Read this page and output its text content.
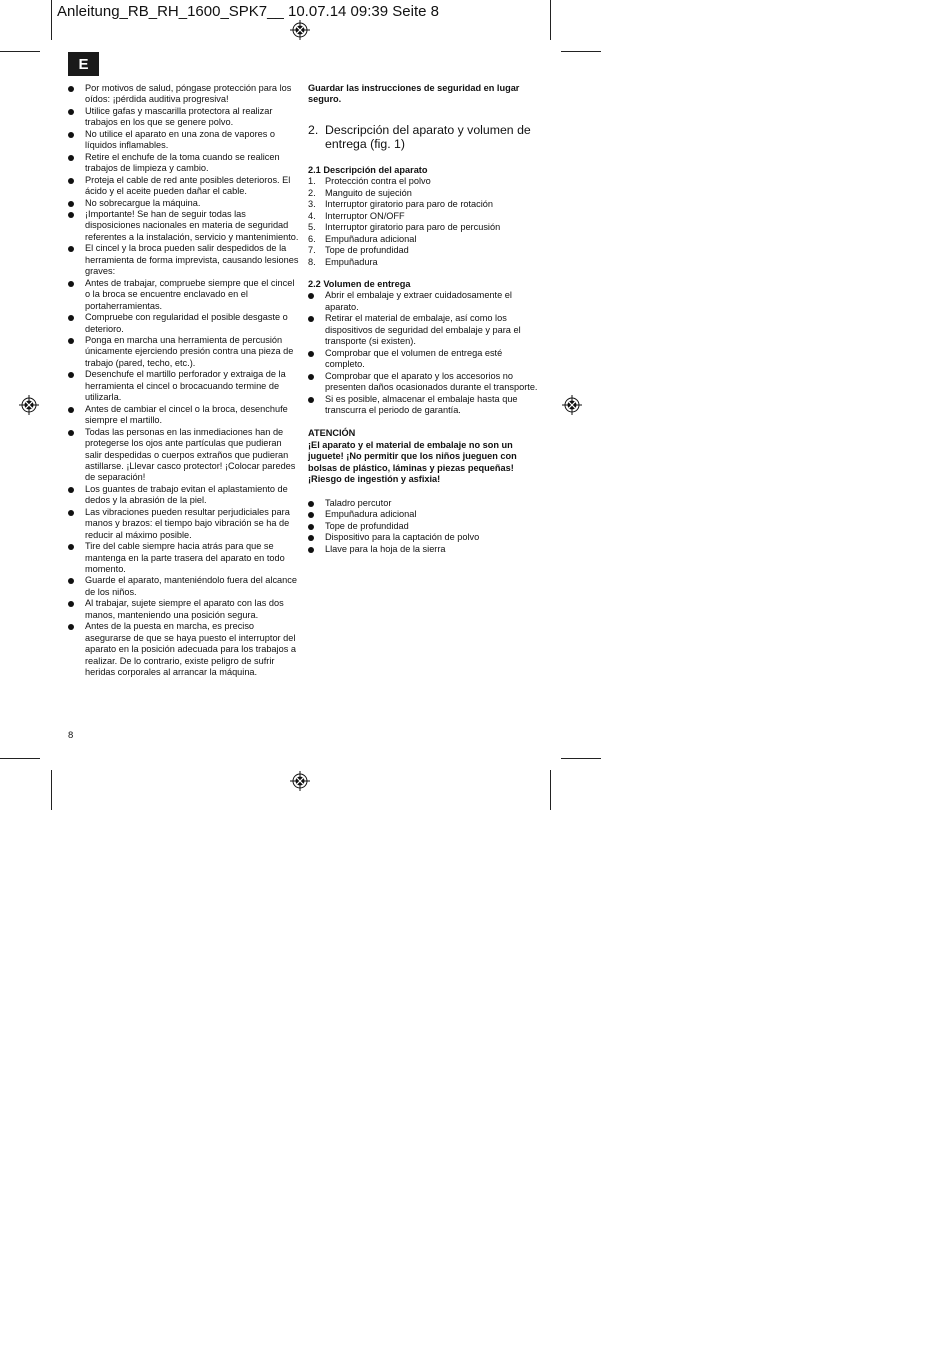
Anleitung_RB_RH_1600_SPK7__ 10.07.14 09:39 Seite 8
E
Por motivos de salud, póngase protección para los oídos: ¡pérdida auditiva progresiva!
Utilice gafas y mascarilla protectora al realizar trabajos en los que se genere polvo.
No utilice el aparato en una zona de vapores o líquidos inflamables.
Retire el enchufe de la toma cuando se realicen trabajos de limpieza y cambio.
Proteja el cable de red ante posibles deterioros. El ácido y el aceite pueden dañar el cable.
No sobrecargue la máquina.
¡Importante! Se han de seguir todas las disposiciones nacionales en materia de seguridad referentes a la instalación, servicio y mantenimiento.
El cincel y la broca pueden salir despedidos de la herramienta de forma imprevista, causando lesiones graves:
Antes de trabajar, compruebe siempre que el cincel o la broca se encuentre enclavado en el portaherramientas.
Compruebe con regularidad el posible desgaste o deterioro.
Ponga en marcha una herramienta de percusión únicamente ejerciendo presión contra una pieza de trabajo (pared, techo, etc.).
Desenchufe el martillo perforador y extraiga de la herramienta el cincel o brocacuando termine de utilizarla.
Antes de cambiar el cincel o la broca, desenchufe siempre el martillo.
Todas las personas en las inmediaciones han de protegerse los ojos ante partículas que pudieran salir despedidas o cuerpos extraños que pudieran astillarse. ¡Llevar casco protector! ¡Colocar paredes de separación!
Los guantes de trabajo evitan el aplastamiento de dedos y la abrasión de la piel.
Las vibraciones pueden resultar perjudiciales para manos y brazos: el tiempo bajo vibración se ha de reducir al máximo posible.
Tire del cable siempre hacia atrás para que se mantenga en la parte trasera del aparato en todo momento.
Guarde el aparato, manteniéndolo fuera del alcance de los niños.
Al trabajar, sujete siempre el aparato con las dos manos, manteniendo una posición segura.
Antes de la puesta en marcha, es preciso asegurarse de que se haya puesto el interruptor del aparato en la posición adecuada para los trabajos a realizar. De lo contrario, existe peligro de sufrir heridas corporales al arrancar la máquina.
Guardar las instrucciones de seguridad en lugar seguro.
2. Descripción del aparato y volumen de entrega (fig. 1)
2.1 Descripción del aparato
1. Protección contra el polvo
2. Manguito de sujeción
3. Interruptor giratorio para paro de rotación
4. Interruptor ON/OFF
5. Interruptor giratorio para paro de percusión
6. Empuñadura adicional
7. Tope de profundidad
8. Empuñadura
2.2 Volumen de entrega
Abrir el embalaje y extraer cuidadosamente el aparato.
Retirar el material de embalaje, así como los dispositivos de seguridad del embalaje y para el transporte (si existen).
Comprobar que el volumen de entrega esté completo.
Comprobar que el aparato y los accesorios no presenten daños ocasionados durante el transporte.
Si es posible, almacenar el embalaje hasta que transcurra el periodo de garantía.
ATENCIÓN
¡El aparato y el material de embalaje no son un juguete! ¡No permitir que los niños jueguen con bolsas de plástico, láminas y piezas pequeñas! ¡Riesgo de ingestión y asfixia!
Taladro percutor
Empuñadura adicional
Tope de profundidad
Dispositivo para la captación de polvo
Llave para la hoja de la sierra
8
